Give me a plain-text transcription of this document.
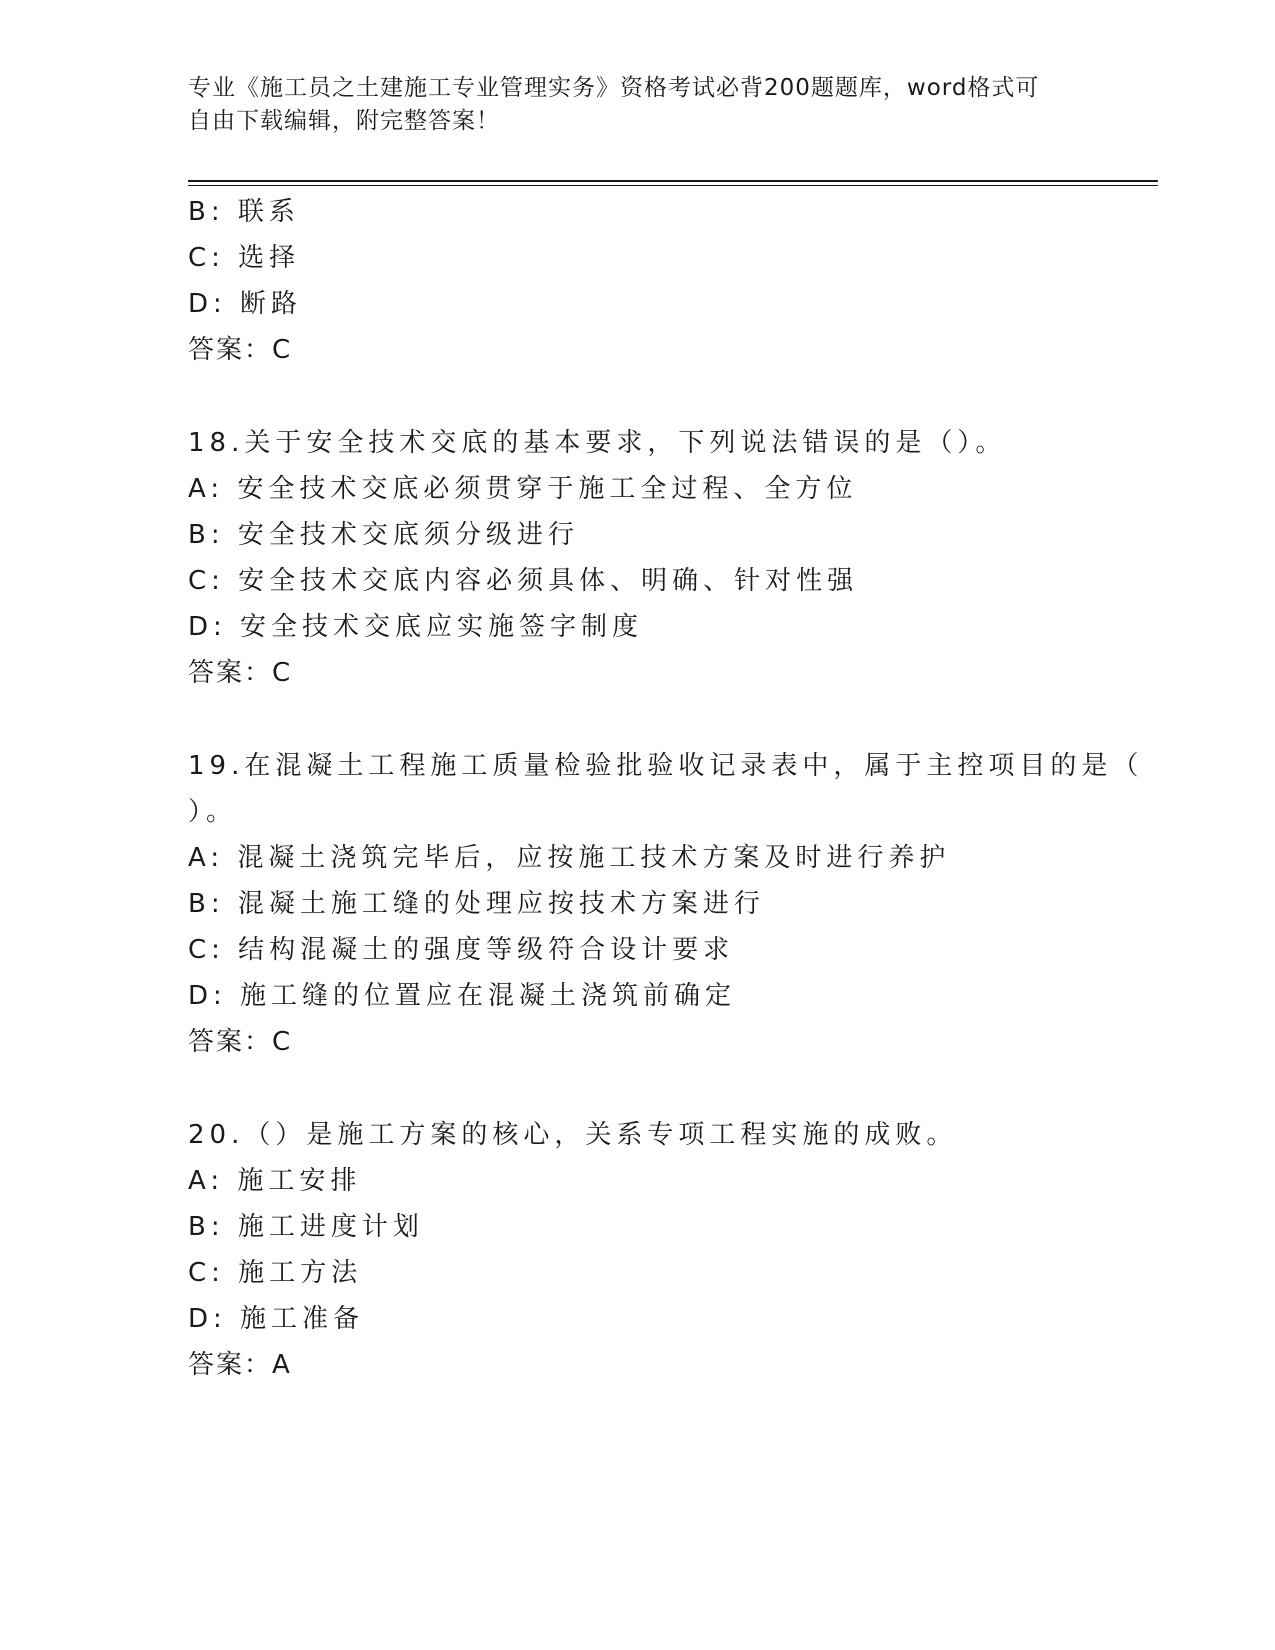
专业《施工员之土建施工专业管理实务》资格考试必背200题题库，word格式可
自由下载编辑，附完整答案！
B: 联系
C: 选择
D: 断路
答案：C
18.关于安全技术交底的基本要求，下列说法错误的是（）。
A: 安全技术交底必须贯穿于施工全过程、全方位
B: 安全技术交底须分级进行
C: 安全技术交底内容必须具体、明确、针对性强
D: 安全技术交底应实施签字制度
答案：C
19.在混凝土工程施工质量检验批验收记录表中，属于主控项目的是（
）。
A: 混凝土浇筑完毕后，应按施工技术方案及时进行养护
B: 混凝土施工缝的处理应按技术方案进行
C: 结构混凝土的强度等级符合设计要求
D: 施工缝的位置应在混凝土浇筑前确定
答案：C
20.（）是施工方案的核心，关系专项工程实施的成败。
A: 施工安排
B: 施工进度计划
C: 施工方法
D: 施工准备
答案：A
